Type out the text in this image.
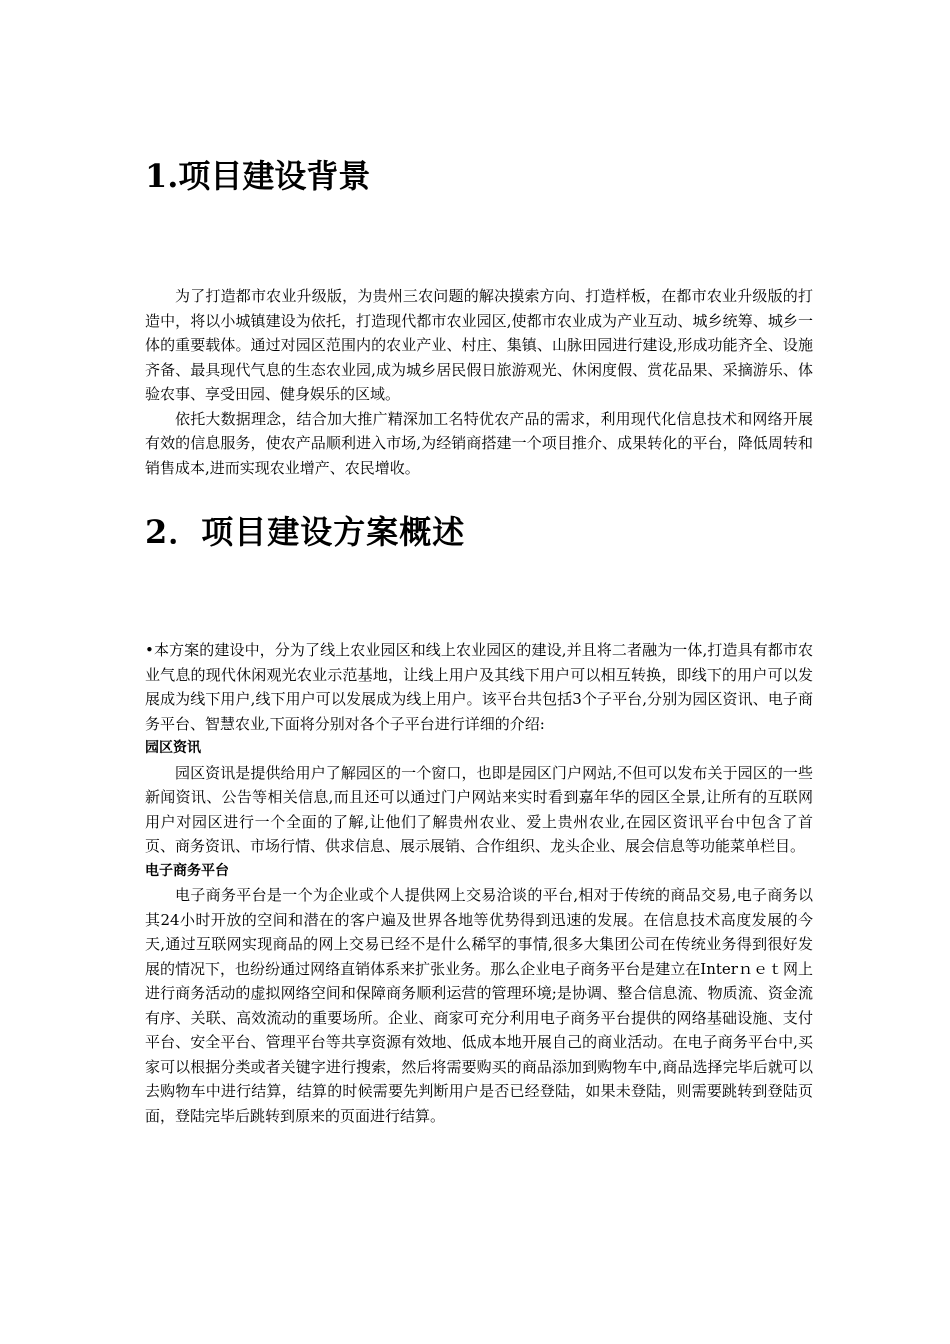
1.项目建设背景

为了打造都市农业升级版，为贵州三农问题的解决摸索方向、打造样板，在都市农业升级版的打造中，将以小城镇建设为依托，打造现代都市农业园区,使都市农业成为产业互动、城乡统筹、城乡一体的重要载体。通过对园区范围内的农业产业、村庄、集镇、山脉田园进行建设,形成功能齐全、设施齐备、最具现代气息的生态农业园,成为城乡居民假日旅游观光、休闲度假、赏花品果、采摘游乐、体验农事、享受田园、健身娱乐的区域。

依托大数据理念，结合加大推广精深加工名特优农产品的需求，利用现代化信息技术和网络开展有效的信息服务，使农产品顺利进入市场,为经销商搭建一个项目推介、成果转化的平台，降低周转和销售成本,进而实现农业增产、农民增收。

2．项目建设方案概述

•本方案的建设中，分为了线上农业园区和线上农业园区的建设,并且将二者融为一体,打造具有都市农业气息的现代休闲观光农业示范基地，让线上用户及其线下用户可以相互转换，即线下的用户可以发展成为线下用户,线下用户可以发展成为线上用户。该平台共包括3个子平台,分别为园区资讯、电子商务平台、智慧农业,下面将分别对各个子平台进行详细的介绍:

园区资讯

园区资讯是提供给用户了解园区的一个窗口，也即是园区门户网站,不但可以发布关于园区的一些新闻资讯、公告等相关信息,而且还可以通过门户网站来实时看到嘉年华的园区全景,让所有的互联网用户对园区进行一个全面的了解,让他们了解贵州农业、爱上贵州农业,在园区资讯平台中包含了首页、商务资讯、市场行情、供求信息、展示展销、合作组织、龙头企业、展会信息等功能菜单栏目。

电子商务平台

电子商务平台是一个为企业或个人提供网上交易洽谈的平台,相对于传统的商品交易,电子商务以其24小时开放的空间和潜在的客户遍及世界各地等优势得到迅速的发展。在信息技术高度发展的今天,通过互联网实现商品的网上交易已经不是什么稀罕的事情,很多大集团公司在传统业务得到很好发展的情况下，也纷纷通过网络直销体系来扩张业务。那么企业电子商务平台是建立在Interｎｅｔ网上进行商务活动的虚拟网络空间和保障商务顺利运营的管理环境;是协调、整合信息流、物质流、资金流有序、关联、高效流动的重要场所。企业、商家可充分利用电子商务平台提供的网络基础设施、支付平台、安全平台、管理平台等共享资源有效地、低成本地开展自己的商业活动。在电子商务平台中,买家可以根据分类或者关键字进行搜索，然后将需要购买的商品添加到购物车中,商品选择完毕后就可以去购物车中进行结算，结算的时候需要先判断用户是否已经登陆，如果未登陆，则需要跳转到登陆页面，登陆完毕后跳转到原来的页面进行结算。
